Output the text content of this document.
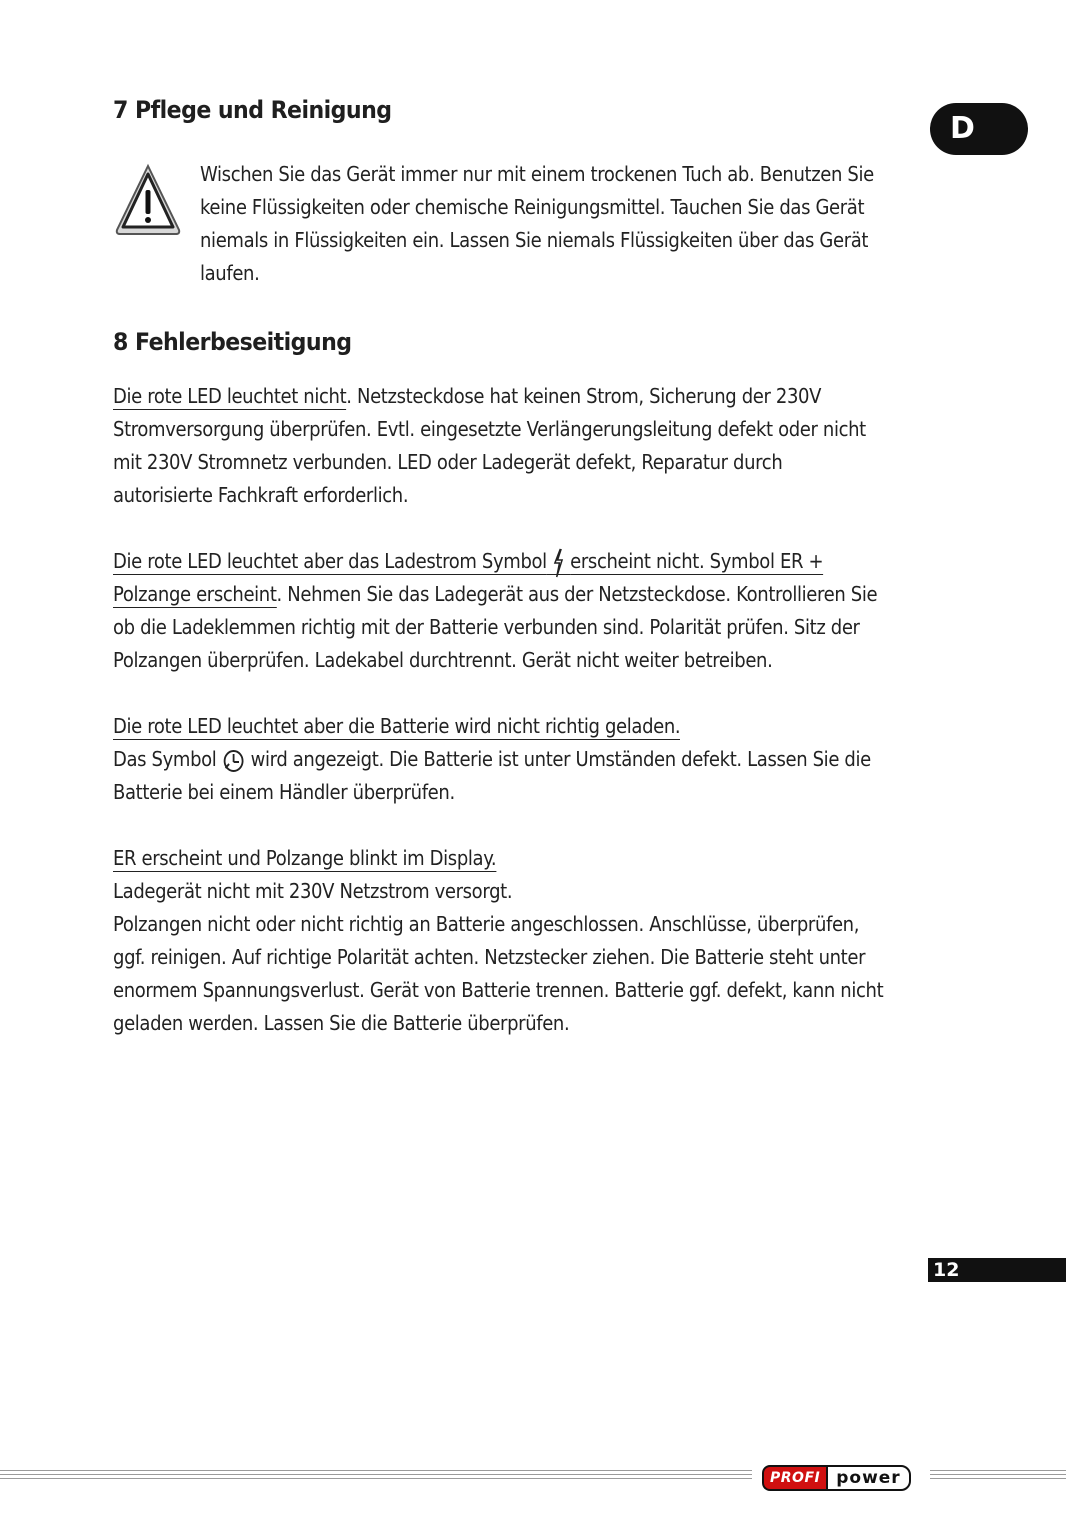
D
7 Pflege und Reinigung
Wischen Sie das Gerät immer nur mit einem trockenen Tuch ab. Benutzen Sie keine Flüssigkeiten oder chemische Reinigungsmittel. Tauchen Sie das Gerät niemals in Flüssigkeiten ein. Lassen Sie niemals Flüssigkeiten über das Gerät laufen.
8 Fehlerbeseitigung
Die rote LED leuchtet nicht. Netzsteckdose hat keinen Strom, Sicherung der 230V Stromversorgung überprüfen. Evtl. eingesetzte Verlängerungsleitung defekt oder nicht mit 230V Stromnetz verbunden. LED oder Ladegerät defekt, Reparatur durch autorisierte Fachkraft erforderlich.
Die rote LED leuchtet aber das Ladestrom Symbol erscheint nicht. Symbol ER + Polzange erscheint. Nehmen Sie das Ladegerät aus der Netzsteckdose. Kontrollieren Sie ob die Ladeklemmen richtig mit der Batterie verbunden sind. Polarität prüfen. Sitz der Polzangen überprüfen. Ladekabel durchtrennt. Gerät nicht weiter betreiben.
Die rote LED leuchtet aber die Batterie wird nicht richtig geladen.
Das Symbol wird angezeigt. Die Batterie ist unter Umständen defekt. Lassen Sie die Batterie bei einem Händler überprüfen.
ER erscheint und Polzange blinkt im Display.
Ladegerät nicht mit 230V Netzstrom versorgt.
Polzangen nicht oder nicht richtig an Batterie angeschlossen. Anschlüsse, überprüfen, ggf. reinigen. Auf richtige Polarität achten. Netzstecker ziehen. Die Batterie steht unter enormem Spannungsverlust. Gerät von Batterie trennen. Batterie ggf. defekt, kann nicht geladen werden. Lassen Sie die Batterie überprüfen.
12
PROFI power
